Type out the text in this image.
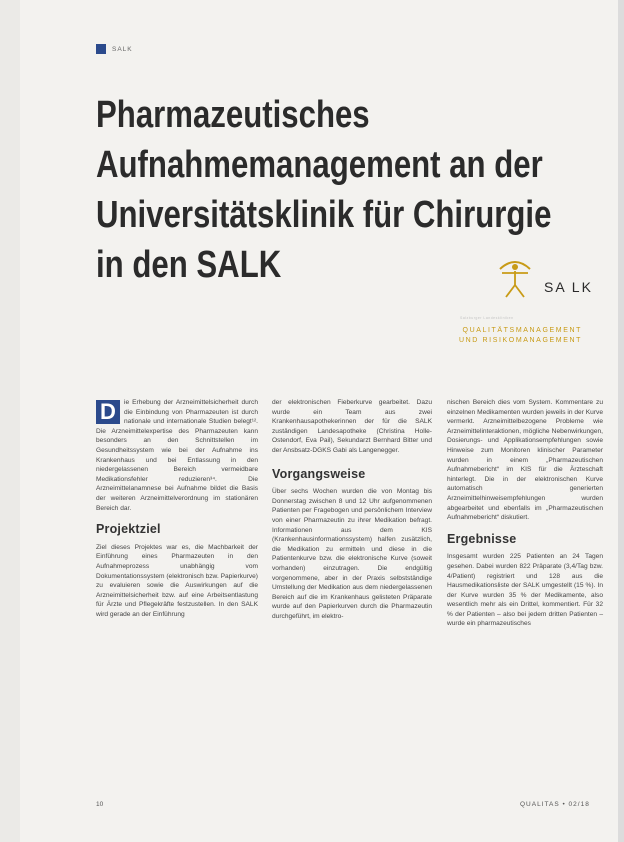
SALK
Pharmazeutisches
Aufnahmemanagement an der
Universitätsklinik für Chirurgie
in den SALK
SA LK
Salzburger Landeskliniken
QUALITÄTSMANAGEMENT
UND RISIKOMANAGEMENT
D	ie Erhebung der Arzneimittelsicherheit durch die Einbindung von Pharmazeuten ist durch nationale und internationale Studien belegt¹². Die Arzneimittelexpertise des Pharmazeuten kann besonders an den Schnittstellen im Gesundheitssystem wie bei der Aufnahme ins Krankenhaus und bei Entlassung in den niedergelassenen Bereich vermeidbare Medikationsfehler reduzieren³⁴. Die Arzneimittelanamnese bei Aufnahme bildet die Basis der weiteren Arzneimittelverordnung im stationären Bereich dar.

Projektziel

Ziel dieses Projektes war es, die Machbarkeit der Einführung eines Pharmazeuten in den Aufnahmeprozess unabhängig vom Dokumentationssystem (elektronisch bzw. Papierkurve) zu evaluieren sowie die Auswirkungen auf die Arzneimittelsicherheit bzw. auf eine Arbeitsentlastung für Ärzte und Pflegekräfte festzustellen. In den SALK wird gerade an der Einführung

der elektronischen Fieberkurve gearbeitet. Dazu wurde ein Team aus zwei Krankenhausapothekerinnen der für die SALK zuständigen Landesapotheke (Christina Holle-Ostendorf, Eva Pail), Sekundarzt Bernhard Bitter und der Ansbsatz-DGKS Gabi als Langenegger.

Vorgangsweise

Über sechs Wochen wurden die von Montag bis Donnerstag zwischen 8 und 12 Uhr aufgenommenen Patienten per Fragebogen und persönlichem Interview von einer Pharmazeutin zu ihrer Medikation befragt. Informationen aus dem KIS (Krankenhausinformationssystem) halfen zusätzlich, die Medikation zu ermitteln und diese in die Patientenkurve bzw. die elektronische Kurve (soweit vorhanden) einzutragen. Die endgültig vorgenommene, aber in der Praxis selbstständige Umstellung der Medikation aus dem niedergelassenen Bereich auf die im Krankenhaus gelisteten Präparate wurde auf den Papierkurven durch die Pharmazeutin durchgeführt, im elektro-

nischen Bereich dies vom System. Kommentare zu einzelnen Medikamenten wurden jeweils in der Kurve vermerkt. Arzneimittelbezogene Probleme wie Arzneimittelinteraktionen, mögliche Nebenwirkungen, Dosierungs- und Applikationsempfehlungen sowie Hinweise zum Monitoren klinischer Parameter wurden in einem „Pharmazeutischen Aufnahmebericht“ im KIS für die Ärzteschaft hinterlegt. Die in der elektronischen Kurve automatisch generierten Arzneimittelhinweisempfehlungen wurden abgearbeitet und ebenfalls im „Pharmazeutischen Aufnahmebericht“ diskutiert.

Ergebnisse

Insgesamt wurden 225 Patienten an 24 Tagen gesehen. Dabei wurden 822 Präparate (3,4/Tag bzw. 4/Patient) registriert und 128 aus die Hausmedikationsliste der SALK umgestellt (15 %). In der Kurve wurden 35 % der Medikamente, also wesentlich mehr als ein Drittel, kommentiert. Für 32 % der Patienten – also bei jedem dritten Patienten – wurde ein pharmazeutisches

10	QUALITAS • 02/18
